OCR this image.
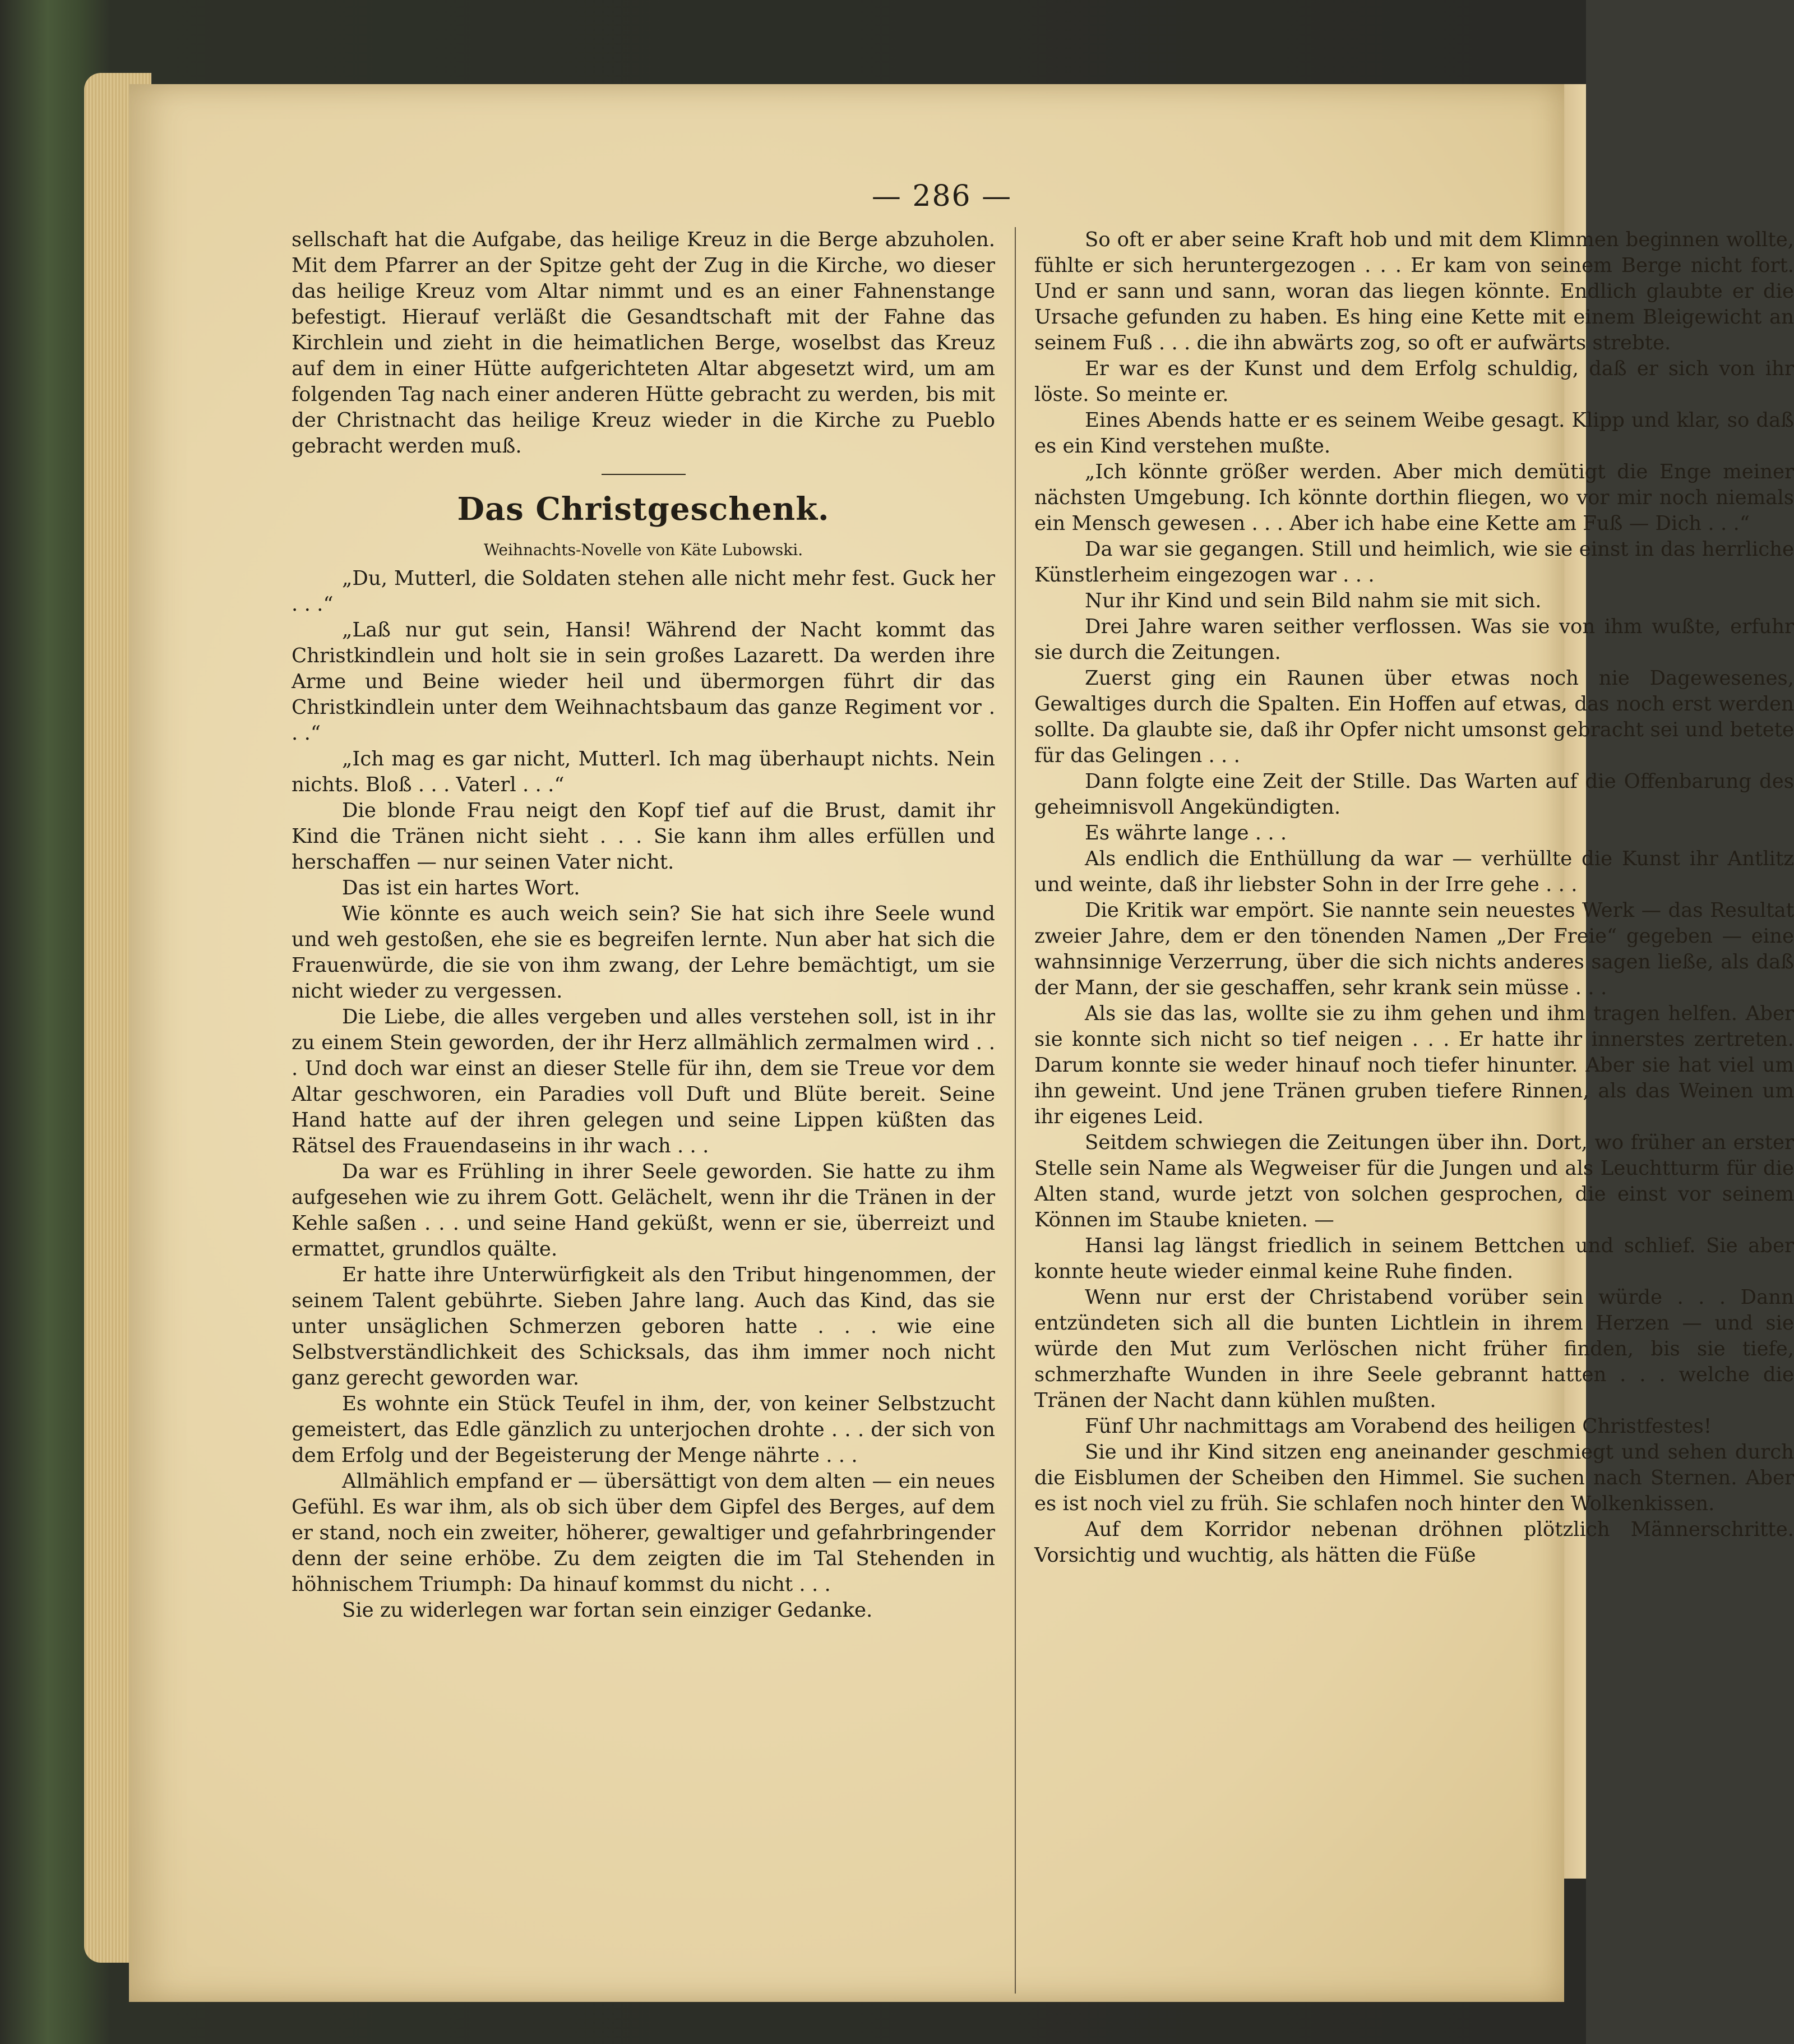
— 286 —

sellschaft hat die Aufgabe, das heilige Kreuz in die Berge abzuholen. Mit dem Pfarrer an der Spitze geht der Zug in die Kirche, wo dieser das heilige Kreuz vom Altar nimmt und es an einer Fahnenstange befestigt. Hierauf verläßt die Gesandtschaft mit der Fahne das Kirchlein und zieht in die heimatlichen Berge, woselbst das Kreuz auf dem in einer Hütte aufgerichteten Altar abgesetzt wird, um am folgenden Tag nach einer anderen Hütte gebracht zu werden, bis mit der Christnacht das heilige Kreuz wieder in die Kirche zu Pueblo gebracht werden muß.

Das Christgeschenk.
Weihnachts-Novelle von Käte Lubowski.

„Du, Mutterl, die Soldaten stehen alle nicht mehr fest. Guck her . . .“

„Laß nur gut sein, Hansi! Während der Nacht kommt das Christkindlein und holt sie in sein großes Lazarett. Da werden ihre Arme und Beine wieder heil und übermorgen führt dir das Christkindlein unter dem Weihnachtsbaum das ganze Regiment vor . . .“

„Ich mag es gar nicht, Mutterl. Ich mag überhaupt nichts. Nein nichts. Bloß . . . Vaterl . . .“

Die blonde Frau neigt den Kopf tief auf die Brust, damit ihr Kind die Tränen nicht sieht . . . Sie kann ihm alles erfüllen und herschaffen — nur seinen Vater nicht.

Das ist ein hartes Wort.

Wie könnte es auch weich sein? Sie hat sich ihre Seele wund und weh gestoßen, ehe sie es begreifen lernte. Nun aber hat sich die Frauenwürde, die sie von ihm zwang, der Lehre bemächtigt, um sie nicht wieder zu vergessen.

Die Liebe, die alles vergeben und alles verstehen soll, ist in ihr zu einem Stein geworden, der ihr Herz allmählich zermalmen wird . . . Und doch war einst an dieser Stelle für ihn, dem sie Treue vor dem Altar geschworen, ein Paradies voll Duft und Blüte bereit. Seine Hand hatte auf der ihren gelegen und seine Lippen küßten das Rätsel des Frauendaseins in ihr wach . . .

Da war es Frühling in ihrer Seele geworden. Sie hatte zu ihm aufgesehen wie zu ihrem Gott. Gelächelt, wenn ihr die Tränen in der Kehle saßen . . . und seine Hand geküßt, wenn er sie, überreizt und ermattet, grundlos quälte.

Er hatte ihre Unterwürfigkeit als den Tribut hingenommen, der seinem Talent gebührte. Sieben Jahre lang. Auch das Kind, das sie unter unsäglichen Schmerzen geboren hatte . . . wie eine Selbstverständlichkeit des Schicksals, das ihm immer noch nicht ganz gerecht geworden war.

Es wohnte ein Stück Teufel in ihm, der, von keiner Selbstzucht gemeistert, das Edle gänzlich zu unterjochen drohte . . . der sich von dem Erfolg und der Begeisterung der Menge nährte . . .

Allmählich empfand er — übersättigt von dem alten — ein neues Gefühl. Es war ihm, als ob sich über dem Gipfel des Berges, auf dem er stand, noch ein zweiter, höherer, gewaltiger und gefahrbringender denn der seine erhöbe. Zu dem zeigten die im Tal Stehenden in höhnischem Triumph: Da hinauf kommst du nicht . . .

Sie zu widerlegen war fortan sein einziger Gedanke.

So oft er aber seine Kraft hob und mit dem Klimmen beginnen wollte, fühlte er sich heruntergezogen . . . Er kam von seinem Berge nicht fort. Und er sann und sann, woran das liegen könnte. Endlich glaubte er die Ursache gefunden zu haben. Es hing eine Kette mit einem Bleigewicht an seinem Fuß . . . die ihn abwärts zog, so oft er aufwärts strebte.

Er war es der Kunst und dem Erfolg schuldig, daß er sich von ihr löste. So meinte er.

Eines Abends hatte er es seinem Weibe gesagt. Klipp und klar, so daß es ein Kind verstehen mußte.

„Ich könnte größer werden. Aber mich demütigt die Enge meiner nächsten Umgebung. Ich könnte dorthin fliegen, wo vor mir noch niemals ein Mensch gewesen . . . Aber ich habe eine Kette am Fuß — Dich . . .“

Da war sie gegangen. Still und heimlich, wie sie einst in das herrliche Künstlerheim eingezogen war . . .

Nur ihr Kind und sein Bild nahm sie mit sich.

Drei Jahre waren seither verflossen. Was sie von ihm wußte, erfuhr sie durch die Zeitungen.

Zuerst ging ein Raunen über etwas noch nie Dagewesenes, Gewaltiges durch die Spalten. Ein Hoffen auf etwas, das noch erst werden sollte. Da glaubte sie, daß ihr Opfer nicht umsonst gebracht sei und betete für das Gelingen . . .

Dann folgte eine Zeit der Stille. Das Warten auf die Offenbarung des geheimnisvoll Angekündigten.

Es währte lange . . .

Als endlich die Enthüllung da war — verhüllte die Kunst ihr Antlitz und weinte, daß ihr liebster Sohn in der Irre gehe . . .

Die Kritik war empört. Sie nannte sein neuestes Werk — das Resultat zweier Jahre, dem er den tönenden Namen „Der Freie“ gegeben — eine wahnsinnige Verzerrung, über die sich nichts anderes sagen ließe, als daß der Mann, der sie geschaffen, sehr krank sein müsse . . .

Als sie das las, wollte sie zu ihm gehen und ihm tragen helfen. Aber sie konnte sich nicht so tief neigen . . . Er hatte ihr innerstes zertreten. Darum konnte sie weder hinauf noch tiefer hinunter. Aber sie hat viel um ihn geweint. Und jene Tränen gruben tiefere Rinnen, als das Weinen um ihr eigenes Leid.

Seitdem schwiegen die Zeitungen über ihn. Dort, wo früher an erster Stelle sein Name als Wegweiser für die Jungen und als Leuchtturm für die Alten stand, wurde jetzt von solchen gesprochen, die einst vor seinem Können im Staube knieten. —

Hansi lag längst friedlich in seinem Bettchen und schlief. Sie aber konnte heute wieder einmal keine Ruhe finden.

Wenn nur erst der Christabend vorüber sein würde . . . Dann entzündeten sich all die bunten Lichtlein in ihrem Herzen — und sie würde den Mut zum Verlöschen nicht früher finden, bis sie tiefe, schmerzhafte Wunden in ihre Seele gebrannt hatten . . . welche die Tränen der Nacht dann kühlen mußten.

Fünf Uhr nachmittags am Vorabend des heiligen Christfestes!

Sie und ihr Kind sitzen eng aneinander geschmiegt und sehen durch die Eisblumen der Scheiben den Himmel. Sie suchen nach Sternen. Aber es ist noch viel zu früh. Sie schlafen noch hinter den Wolkenkissen.

Auf dem Korridor nebenan dröhnen plötzlich Männerschritte. Vorsichtig und wuchtig, als hätten die Füße
